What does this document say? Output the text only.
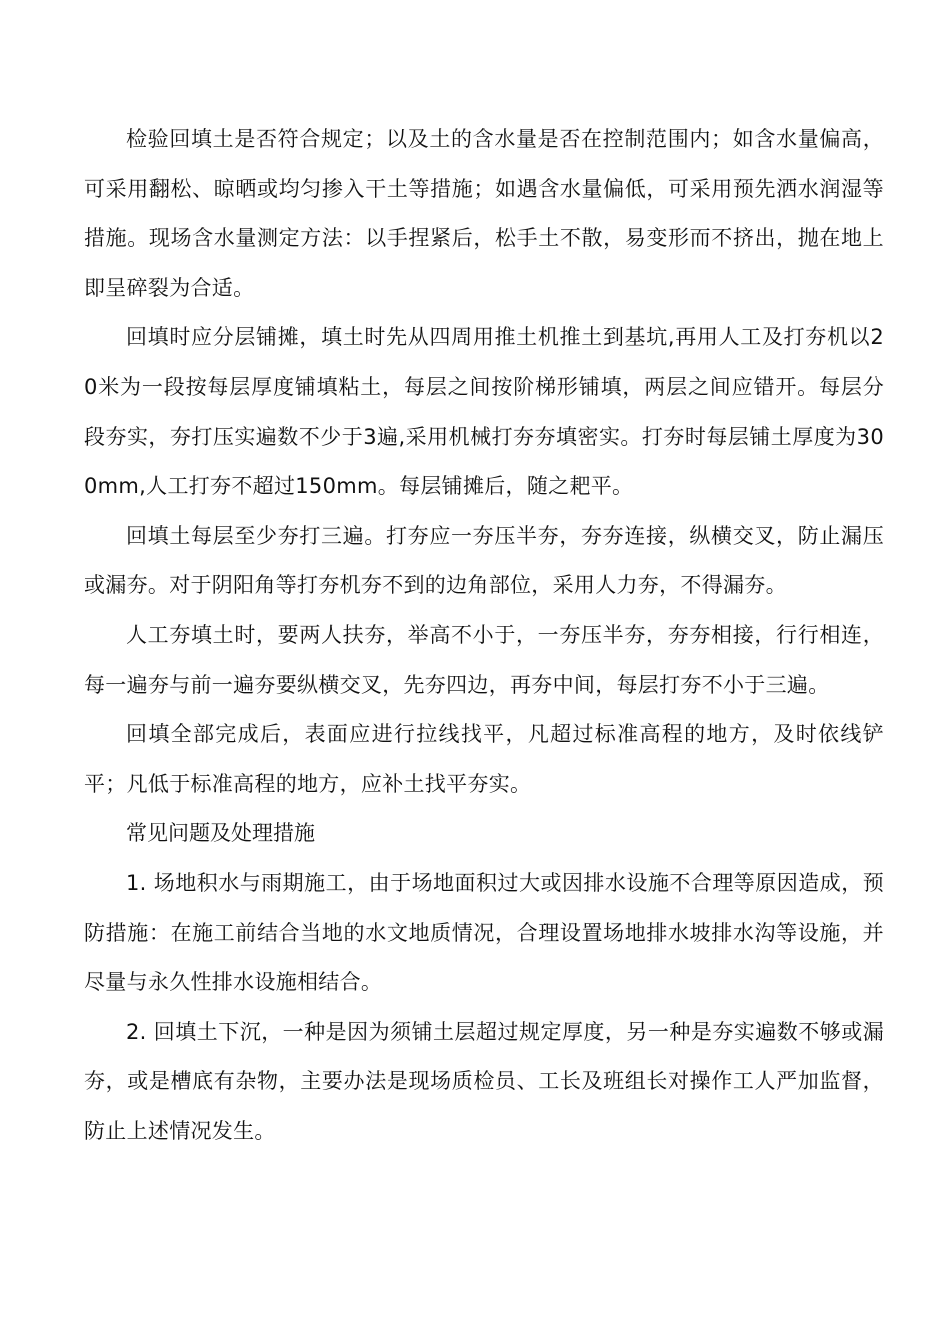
检验回填土是否符合规定；以及土的含水量是否在控制范围内；如含水量偏高，可采用翻松、晾晒或均匀掺入干土等措施；如遇含水量偏低，可采用预先洒水润湿等措施。现场含水量测定方法：以手捏紧后，松手土不散，易变形而不挤出，抛在地上即呈碎裂为合适。

回填时应分层铺摊，填土时先从四周用推土机推土到基坑,再用人工及打夯机以20米为一段按每层厚度铺填粘土，每层之间按阶梯形铺填，两层之间应错开。每层分段夯实，夯打压实遍数不少于3遍,采用机械打夯夯填密实。打夯时每层铺土厚度为300mm,人工打夯不超过150mm。每层铺摊后，随之耙平。

回填土每层至少夯打三遍。打夯应一夯压半夯，夯夯连接，纵横交叉，防止漏压或漏夯。对于阴阳角等打夯机夯不到的边角部位，采用人力夯，不得漏夯。

人工夯填土时，要两人扶夯，举高不小于，一夯压半夯，夯夯相接，行行相连，每一遍夯与前一遍夯要纵横交叉，先夯四边，再夯中间，每层打夯不小于三遍。

回填全部完成后，表面应进行拉线找平，凡超过标准高程的地方，及时依线铲平；凡低于标准高程的地方，应补土找平夯实。

常见问题及处理措施

1. 场地积水与雨期施工，由于场地面积过大或因排水设施不合理等原因造成，预防措施：在施工前结合当地的水文地质情况，合理设置场地排水坡排水沟等设施，并尽量与永久性排水设施相结合。

2. 回填土下沉，一种是因为须铺土层超过规定厚度，另一种是夯实遍数不够或漏夯，或是槽底有杂物，主要办法是现场质检员、工长及班组长对操作工人严加监督，防止上述情况发生。
